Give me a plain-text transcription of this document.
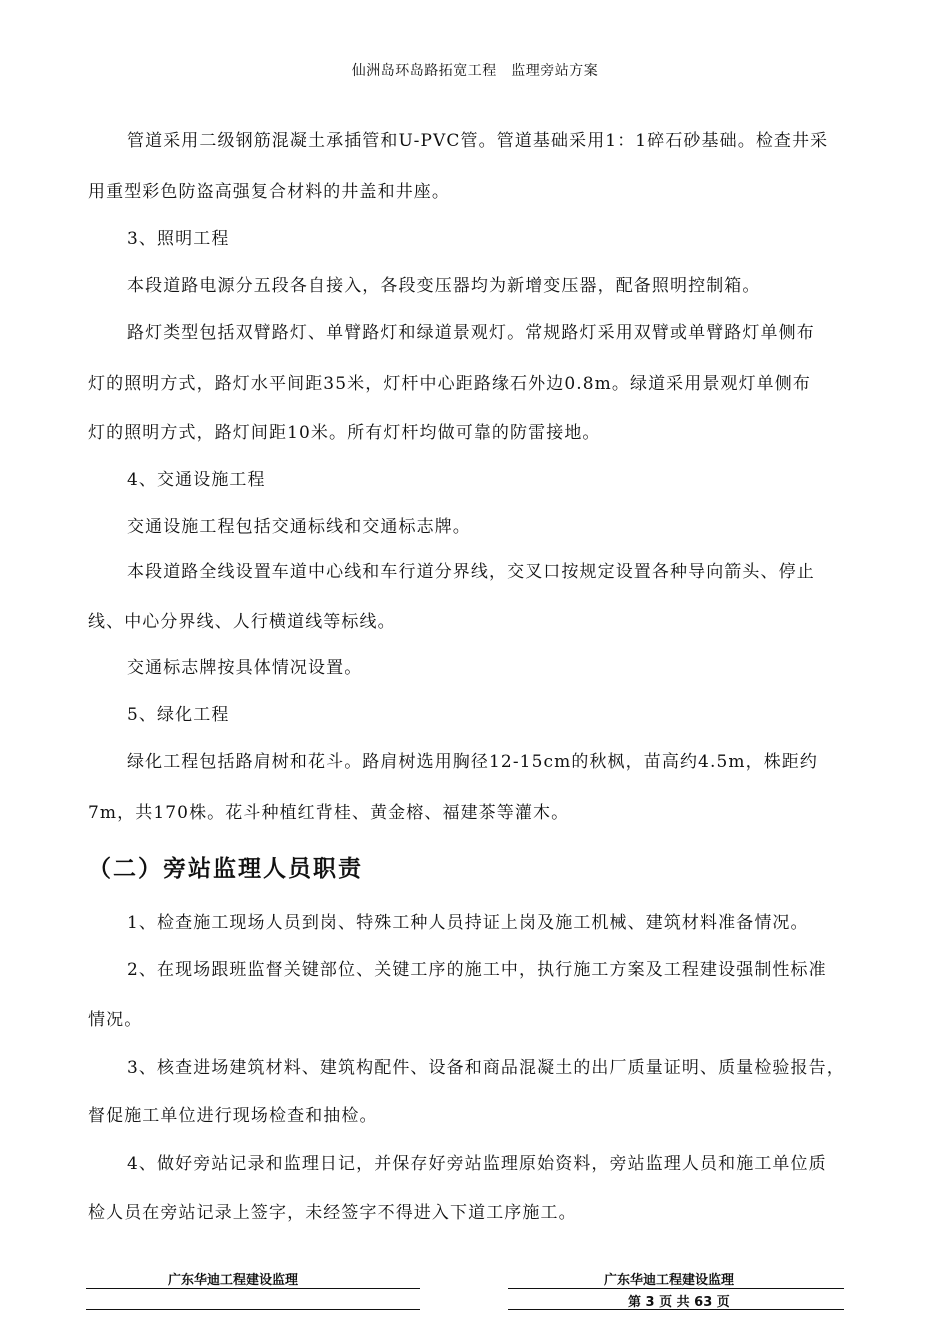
仙洲岛环岛路拓宽工程　监理旁站方案
管道采用二级钢筋混凝土承插管和U-PVC管。管道基础采用1：1碎石砂基础。检查井采
用重型彩色防盗高强复合材料的井盖和井座。
3、照明工程
本段道路电源分五段各自接入，各段变压器均为新增变压器，配备照明控制箱。
路灯类型包括双臂路灯、单臂路灯和绿道景观灯。常规路灯采用双臂或单臂路灯单侧布
灯的照明方式，路灯水平间距35米，灯杆中心距路缘石外边0.8m。绿道采用景观灯单侧布
灯的照明方式，路灯间距10米。所有灯杆均做可靠的防雷接地。
4、交通设施工程
交通设施工程包括交通标线和交通标志牌。
本段道路全线设置车道中心线和车行道分界线，交叉口按规定设置各种导向箭头、停止
线、中心分界线、人行横道线等标线。
交通标志牌按具体情况设置。
5、绿化工程
绿化工程包括路肩树和花斗。路肩树选用胸径12-15cm的秋枫，苗高约4.5m，株距约
7m，共170株。花斗种植红背桂、黄金榕、福建茶等灌木。
（二）旁站监理人员职责
1、检查施工现场人员到岗、特殊工种人员持证上岗及施工机械、建筑材料准备情况。
2、在现场跟班监督关键部位、关键工序的施工中，执行施工方案及工程建设强制性标准
情况。
3、核查进场建筑材料、建筑构配件、设备和商品混凝土的出厂质量证明、质量检验报告，
督促施工单位进行现场检查和抽检。
4、做好旁站记录和监理日记，并保存好旁站监理原始资料，旁站监理人员和施工单位质
检人员在旁站记录上签字，未经签字不得进入下道工序施工。
广东华迪工程建设监理	广东华迪工程建设监理
第 3 页 共 63 页
